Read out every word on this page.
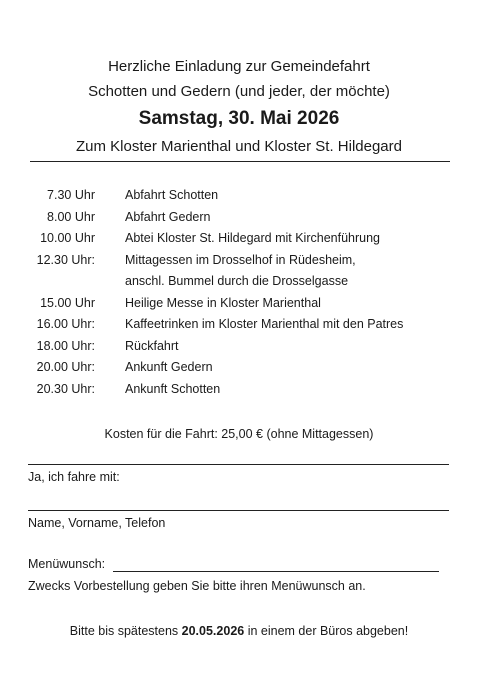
Herzliche Einladung zur Gemeindefahrt
Schotten und Gedern (und jeder, der möchte)
Samstag, 30. Mai 2026
Zum Kloster Marienthal und Kloster St. Hildegard
7.30 Uhr Abfahrt Schotten
8.00 Uhr Abfahrt Gedern
10.00 Uhr Abtei Kloster St. Hildegard mit Kirchenführung
12.30 Uhr: Mittagessen im Drosselhof in Rüdesheim,
anschl. Bummel durch die Drosselgasse
15.00 Uhr Heilige Messe in Kloster Marienthal
16.00 Uhr: Kaffeetrinken im Kloster Marienthal mit den Patres
18.00 Uhr: Rückfahrt
20.00 Uhr: Ankunft Gedern
20.30 Uhr: Ankunft Schotten
Kosten für die Fahrt: 25,00 € (ohne Mittagessen)
Ja, ich fahre mit:
Name, Vorname, Telefon
Menüwunsch:
Zwecks Vorbestellung geben Sie bitte ihren Menüwunsch an.
Bitte bis spätestens 20.05.2026 in einem der Büros abgeben!
